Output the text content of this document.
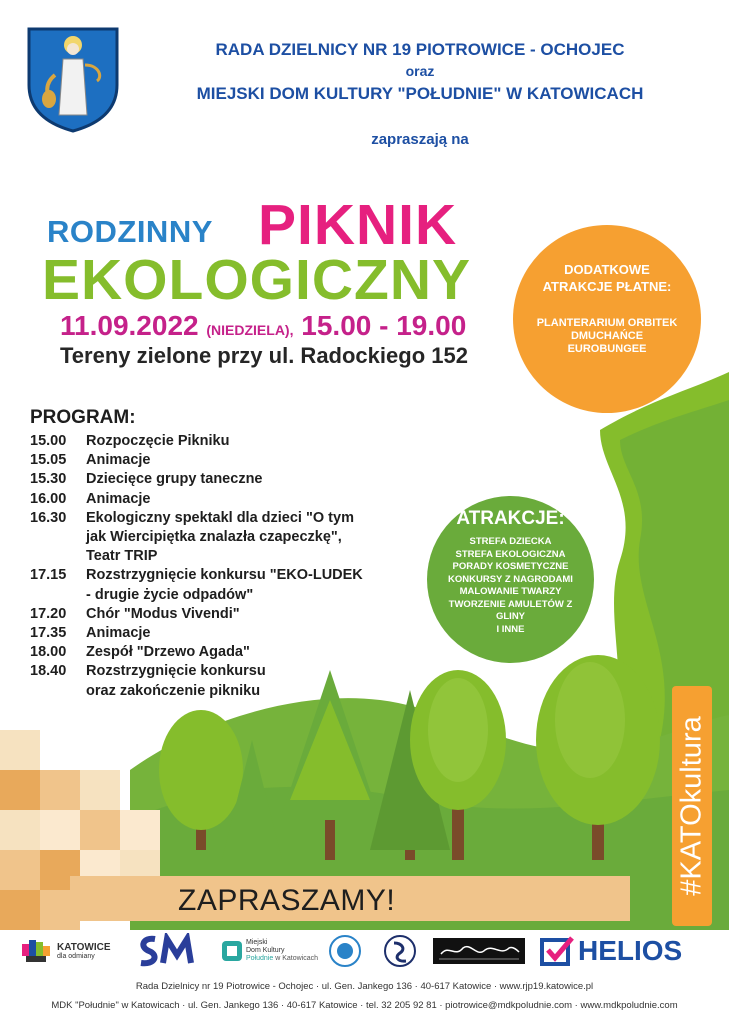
RADA DZIELNICY NR 19 PIOTROWICE - OCHOJEC
oraz
MIEJSKI DOM KULTURY "POŁUDNIE" W KATOWICACH
zapraszają na
RODZINNY PIKNIK
EKOLOGICZNY
11.09.2022 (NIEDZIELA), 15.00 - 19.00
Tereny zielone przy ul. Radockiego 152
DODATKOWE
ATRAKCJE PŁATNE:
PLANTERARIUM ORBITEK
DMUCHAŃCE
EUROBUNGEE
PROGRAM:
15.00	Rozpoczęcie Pikniku
15.05	Animacje
15.30	Dziecięce grupy taneczne
16.00	Animacje
16.30	Ekologiczny spektakl dla dzieci "O tym
jak Wiercipiętka znalazła czapeczkę",
Teatr TRIP
17.15	Rozstrzygnięcie konkursu "EKO-LUDEK
- drugie życie odpadów"
17.20	Chór "Modus Vivendi"
17.35	Animacje
18.00	Zespół "Drzewo Agada"
18.40	Rozstrzygnięcie konkursu
oraz zakończenie pikniku
ATRAKCJE:
STREFA DZIECKA
STREFA EKOLOGICZNA
PORADY KOSMETYCZNE
KONKURSY Z NAGRODAMI
MALOWANIE TWARZY
TWORZENIE AMULETÓW Z GLINY
I INNE
ZAPRASZAMY!
#KATOkultura
KATOWICE
dla odmiany
Miejski
Dom Kultury
Południe w Katowicach	HELIOS
Rada Dzielnicy nr 19 Piotrowice - Ochojec · ul. Gen. Jankego 136 · 40-617 Katowice · www.rjp19.katowice.pl
MDK "Południe" w Katowicach · ul. Gen. Jankego 136 · 40-617 Katowice · tel. 32 205 92 81 · piotrowice@mdkpoludnie.com · www.mdkpoludnie.com
